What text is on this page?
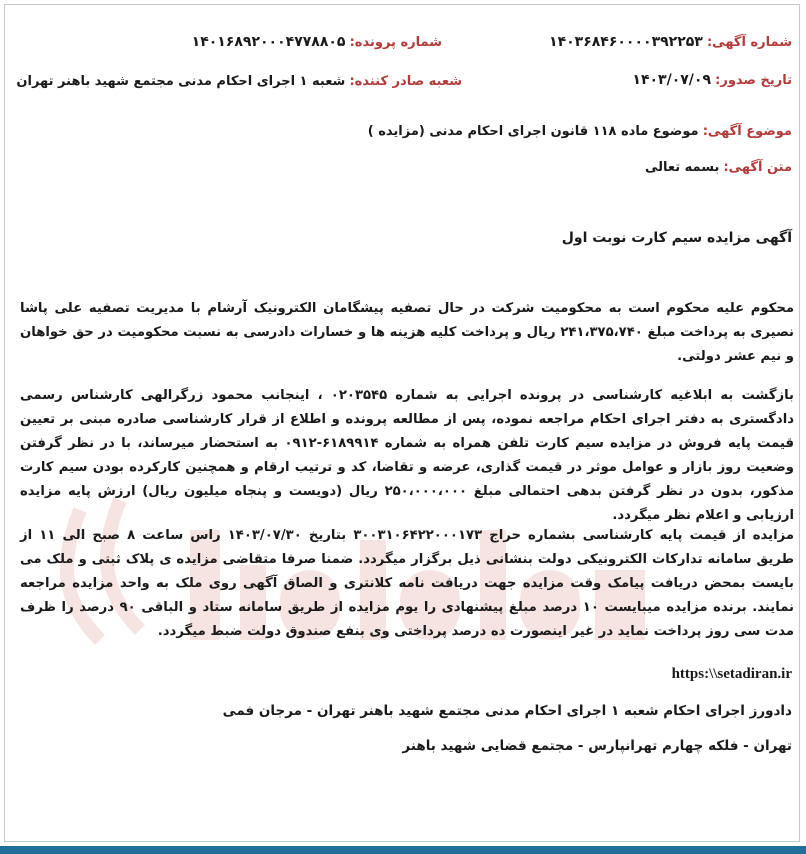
شماره آگهی: ۱۴۰۳۶۸۴۶۰۰۰۰۳۹۲۲۵۳
شماره پرونده: ۱۴۰۱۶۸۹۲۰۰۰۴۷۷۸۸۰۵
تاریخ صدور: ۱۴۰۳/۰۷/۰۹
شعبه صادر کننده: شعبه ۱ اجرای احکام مدنی مجتمع شهید باهنر تهران
موضوع آگهی: موضوع ماده ۱۱۸ قانون اجرای احکام مدنی (مزایده )
متن آگهی: بسمه تعالی
آگهی مزایده سیم کارت نوبت اول
محکوم علیه محکوم است به محکومیت شرکت در حال تصفیه پیشگامان الکترونیک آرشام با مدیریت تصفیه علی پاشا نصیری به پرداخت مبلغ ۲۴۱،۳۷۵،۷۴۰ ریال و پرداخت کلیه هزینه ها و خسارات دادرسی به نسبت محکومیت در حق خواهان و نیم عشر دولتی.
بازگشت به ابلاغیه کارشناسی در پرونده اجرایی به شماره ۰۲۰۳۵۴۵ ، اینجانب محمود زرگرالهی کارشناس رسمی دادگستری به دفتر اجرای احکام مراجعه نموده، پس از مطالعه پرونده و اطلاع از قرار کارشناسی صادره مبنی بر تعیین قیمت پایه فروش در مزایده سیم کارت تلفن همراه به شماره ۶۱۸۹۹۱۴-۰۹۱۲ به استحضار میرساند، با در نظر گرفتن وضعیت روز بازار و عوامل موثر در قیمت گذاری، عرضه و تقاضا، کد و ترتیب ارقام و همچنین کارکرده بودن سیم کارت مذکور، بدون در نظر گرفتن بدهی احتمالی مبلغ ۲۵۰،۰۰۰،۰۰۰ ریال (دویست و پنجاه میلیون ریال) ارزش پایه مزایده ارزیابی و اعلام نظر میگردد.
مزایده از قیمت پایه کارشناسی بشماره حراج ۳۰۰۳۱۰۶۴۲۲۰۰۰۱۷۳ بتاریخ ۱۴۰۳/۰۷/۳۰ راس ساعت ۸ صبح الی ۱۱ از طریق سامانه تدارکات الکترونیکی دولت بنشانی ذیل برگزار میگردد. ضمنا صرفا متقاضی مزایده ی پلاک ثبتی و ملک می بایست بمحض دریافت پیامک وقت مزایده جهت دریافت نامه کلانتری و الصاق آگهی روی ملک به واحد مزایده مراجعه نمایند. برنده مزایده میبایست ۱۰ درصد مبلغ پیشنهادی را یوم مزایده از طریق سامانه ستاد و الباقی ۹۰ درصد را ظرف مدت سی روز پرداخت نماید در غیر اینصورت ده درصد پرداختی وی بنفع صندوق دولت ضبط میگردد.
https:\\setadiran.ir
دادورز اجرای احکام شعبه ۱ اجرای احکام مدنی مجتمع شهید باهنر تهران - مرجان فمی
تهران - فلکه چهارم تهرانپارس - مجتمع قضایی شهید باهنر
